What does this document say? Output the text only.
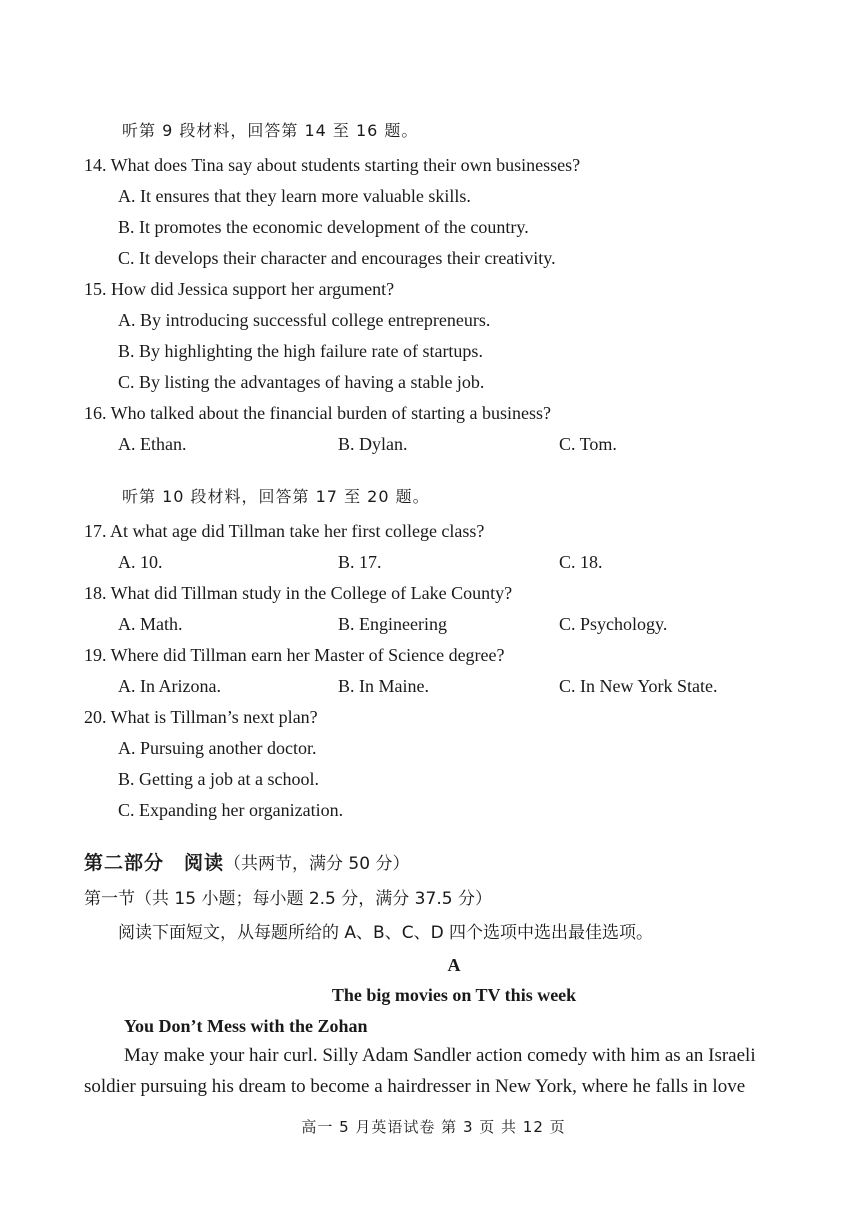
听第 9 段材料，回答第 14 至 16 题。
14. What does Tina say about students starting their own businesses?
A. It ensures that they learn more valuable skills.
B. It promotes the economic development of the country.
C. It develops their character and encourages their creativity.
15. How did Jessica support her argument?
A. By introducing successful college entrepreneurs.
B. By highlighting the high failure rate of startups.
C. By listing the advantages of having a stable job.
16. Who talked about the financial burden of starting a business?
A. Ethan.	B. Dylan.	C. Tom.
听第 10 段材料，回答第 17 至 20 题。
17. At what age did Tillman take her first college class?
A. 10.	B. 17.	C. 18.
18. What did Tillman study in the College of Lake County?
A. Math.	B. Engineering	C. Psychology.
19. Where did Tillman earn her Master of Science degree?
A. In Arizona.	B. In Maine.	C. In New York State.
20. What is Tillman’s next plan?
A. Pursuing another doctor.
B. Getting a job at a school.
C. Expanding her organization.
第二部分　阅读（共两节，满分 50 分）
第一节（共 15 小题；每小题 2.5 分，满分 37.5 分）
阅读下面短文，从每题所给的 A、B、C、D 四个选项中选出最佳选项。
A
The big movies on TV this week
You Don’t Mess with the Zohan
May make your hair curl. Silly Adam Sandler action comedy with him as an Israeli
soldier pursuing his dream to become a hairdresser in New York, where he falls in love
高一 5 月英语试卷 第 3 页 共 12 页
